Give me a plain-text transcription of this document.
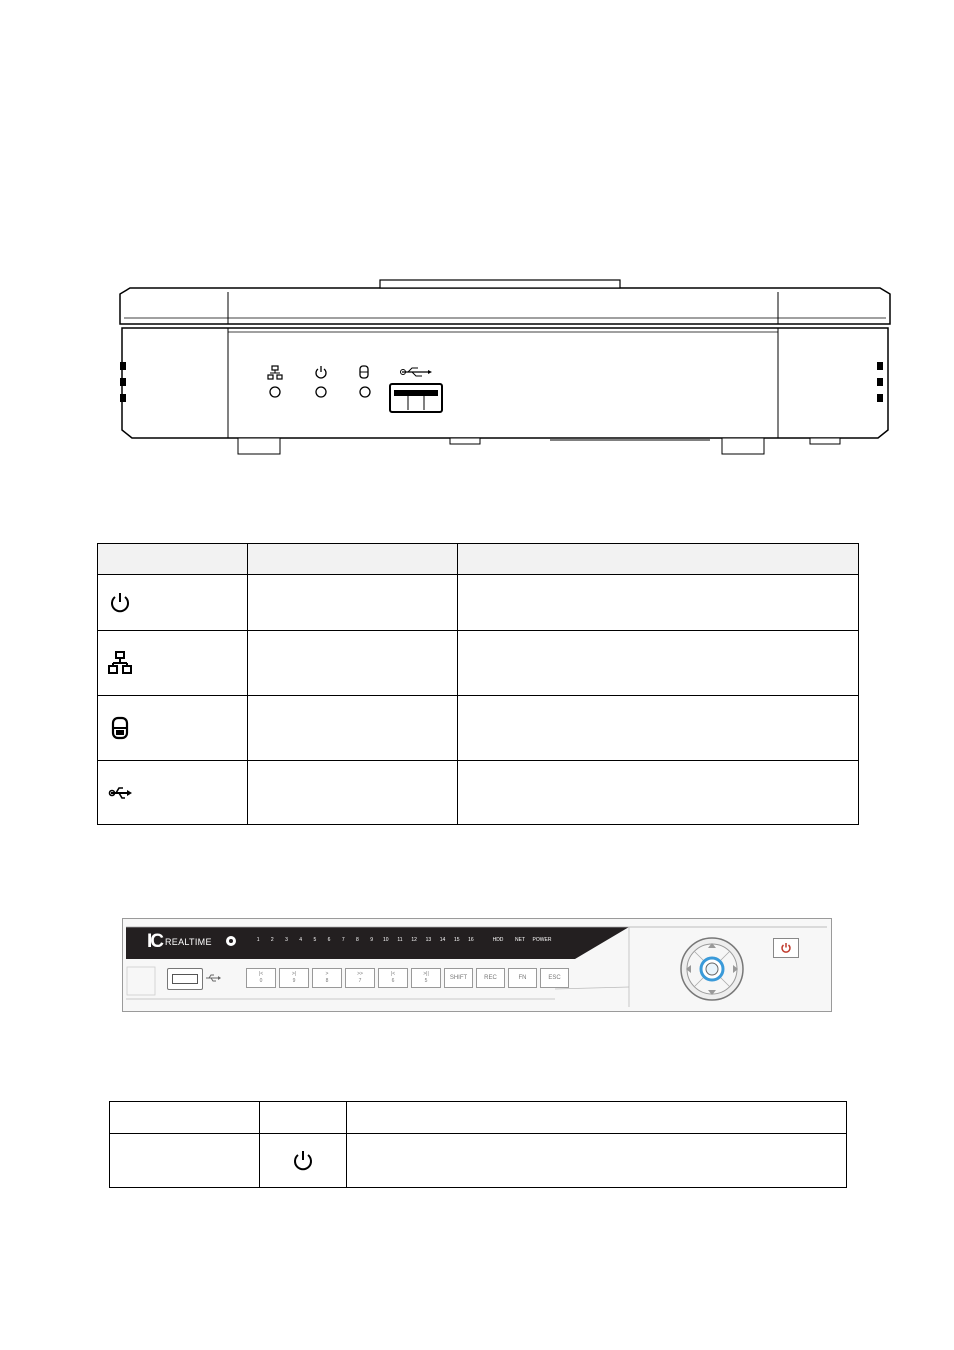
IC REALTIME	1	2	3	4	5	6	7	8	9	10	11	12	13	14	15	16	HDD	NET	POWER
|<
0
>|
9
>
8
>>
7
|<
6
>||
5	SHIFT	REC	FN	ESC
